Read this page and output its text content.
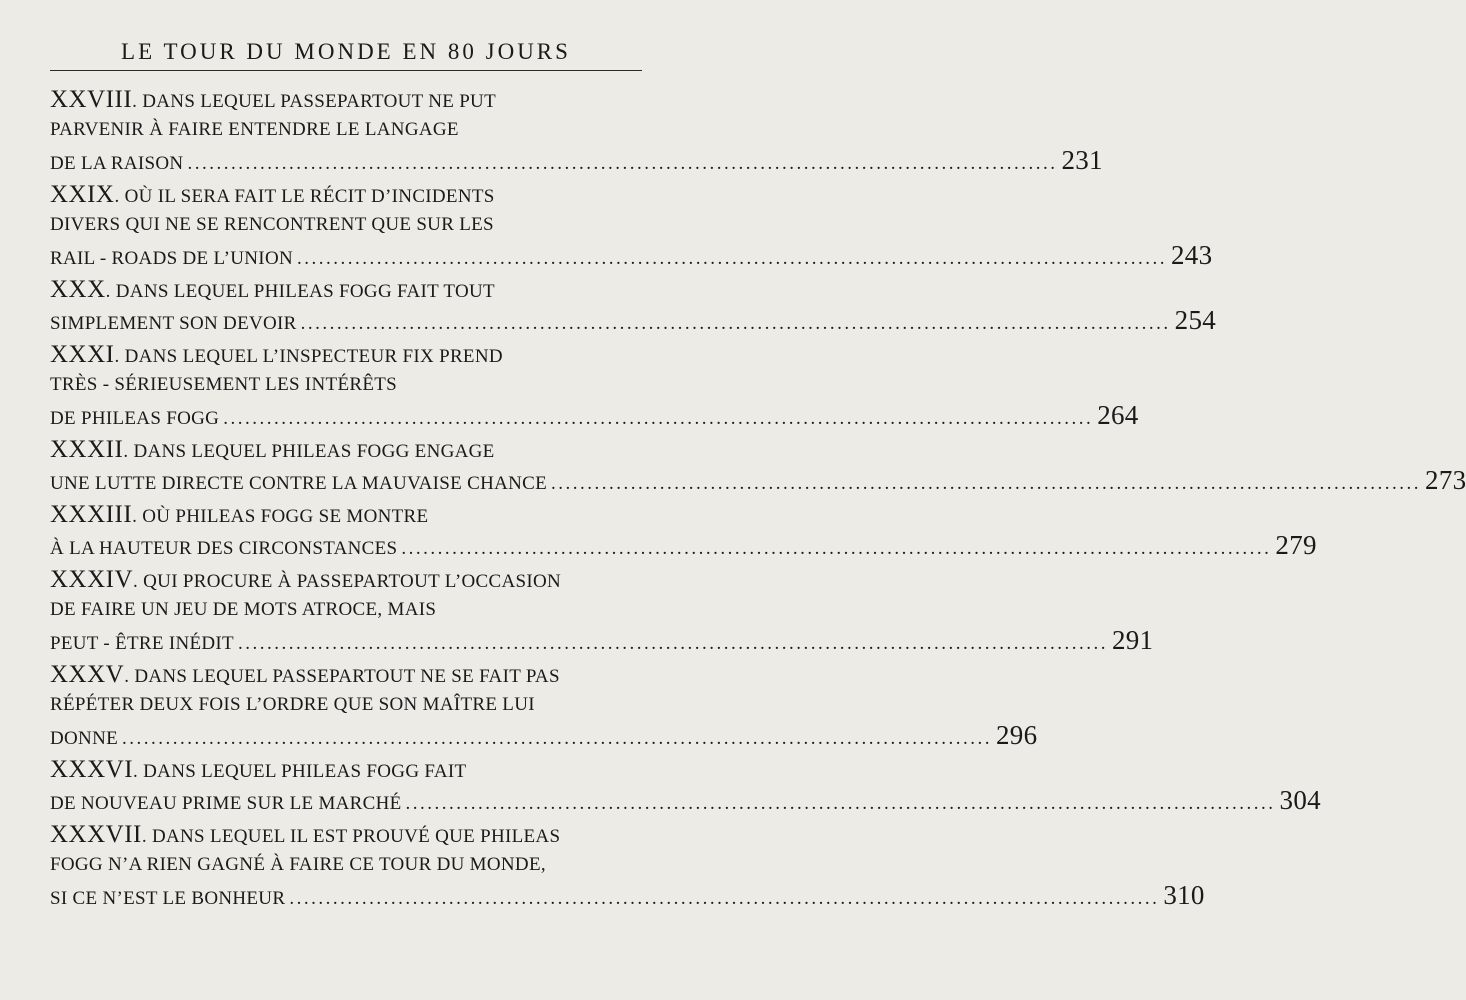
LE TOUR DU MONDE EN 80 JOURS
XXVIII . DANS LEQUEL PASSEPARTOUT NE PUT
PARVENIR À FAIRE ENTENDRE LE LANGAGE
DE LA RAISON ........................................................................................................................ 231
XXIX . OÙ IL SERA FAIT LE RÉCIT D’INCIDENTS
DIVERS QUI NE SE RENCONTRENT QUE SUR LES
RAIL - ROADS DE L’UNION ........................................................................................................................ 243
XXX . DANS LEQUEL PHILEAS FOGG FAIT TOUT
SIMPLEMENT SON DEVOIR ........................................................................................................................ 254
XXXI . DANS LEQUEL L’INSPECTEUR FIX PREND
TRÈS - SÉRIEUSEMENT LES INTÉRÊTS
DE PHILEAS FOGG ........................................................................................................................ 264
XXXII . DANS LEQUEL PHILEAS FOGG ENGAGE
UNE LUTTE DIRECTE CONTRE LA MAUVAISE CHANCE ........................................................................................................................ 273
XXXIII . OÙ PHILEAS FOGG SE MONTRE
À LA HAUTEUR DES CIRCONSTANCES ........................................................................................................................ 279
XXXIV . QUI PROCURE À PASSEPARTOUT L’OCCASION
DE FAIRE UN JEU DE MOTS ATROCE, MAIS
PEUT - ÊTRE INÉDIT ........................................................................................................................ 291
XXXV . DANS LEQUEL PASSEPARTOUT NE SE FAIT PAS
RÉPÉTER DEUX FOIS L’ORDRE QUE SON MAÎTRE LUI
DONNE ........................................................................................................................ 296
XXXVI . DANS LEQUEL PHILEAS FOGG FAIT
DE NOUVEAU PRIME SUR LE MARCHÉ ........................................................................................................................ 304
XXXVII . DANS LEQUEL IL EST PROUVÉ QUE PHILEAS
FOGG N’A RIEN GAGNÉ À FAIRE CE TOUR DU MONDE,
SI CE N’EST LE BONHEUR ........................................................................................................................ 310
